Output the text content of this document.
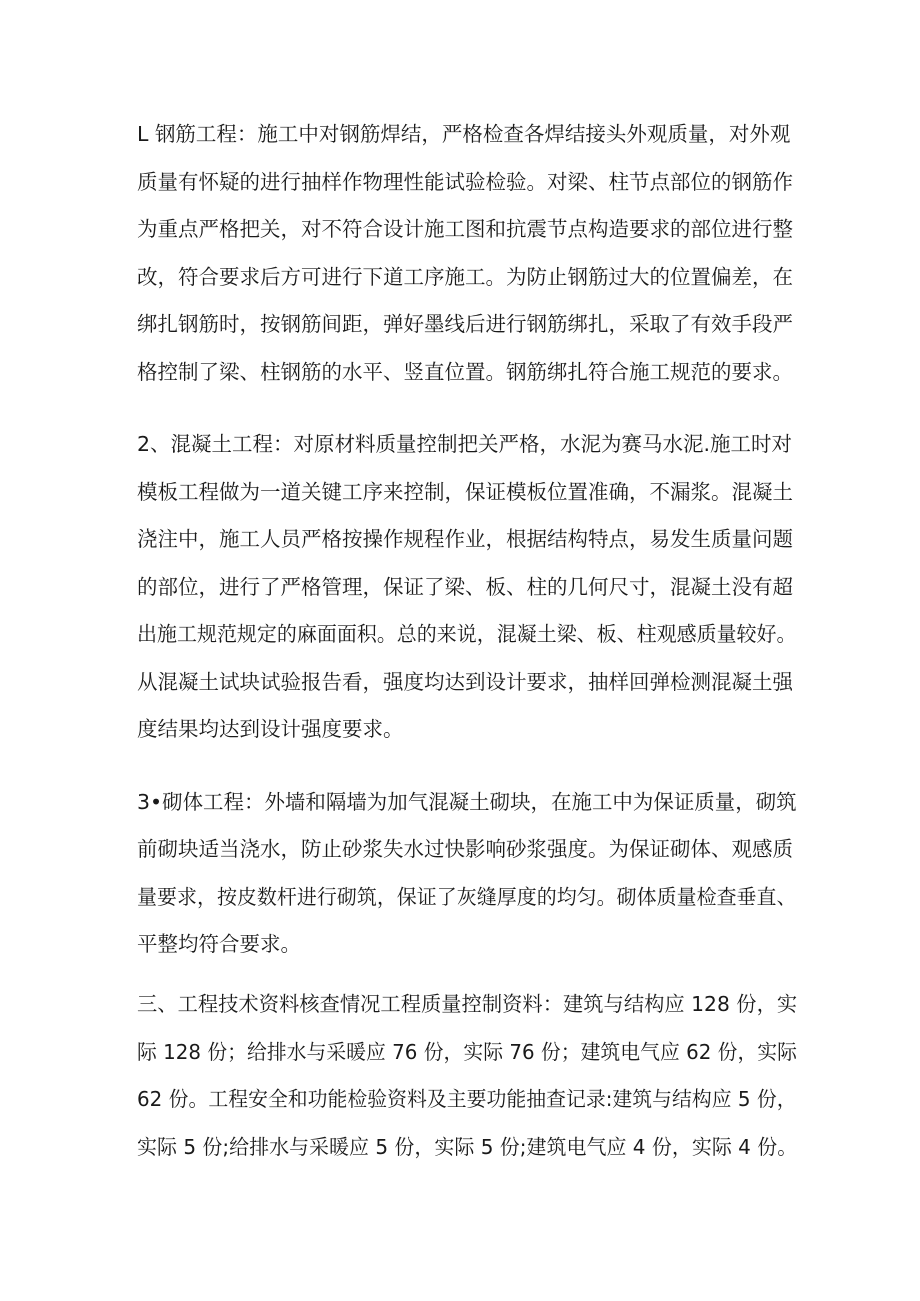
L 钢筋工程：施工中对钢筋焊结，严格检查各焊结接头外观质量，对外观
质量有怀疑的进行抽样作物理性能试验检验。对梁、柱节点部位的钢筋作
为重点严格把关，对不符合设计施工图和抗震节点构造要求的部位进行整
改，符合要求后方可进行下道工序施工。为防止钢筋过大的位置偏差，在
绑扎钢筋时，按钢筋间距，弹好墨线后进行钢筋绑扎，采取了有效手段严
格控制了梁、柱钢筋的水平、竖直位置。钢筋绑扎符合施工规范的要求。
2、混凝土工程：对原材料质量控制把关严格，水泥为赛马水泥.施工时对
模板工程做为一道关键工序来控制，保证模板位置准确，不漏浆。混凝土
浇注中，施工人员严格按操作规程作业，根据结构特点，易发生质量问题
的部位，进行了严格管理，保证了梁、板、柱的几何尺寸，混凝土没有超
出施工规范规定的麻面面积。总的来说，混凝土梁、板、柱观感质量较好。
从混凝土试块试验报告看，强度均达到设计要求，抽样回弹检测混凝土强
度结果均达到设计强度要求。
3•砌体工程：外墙和隔墙为加气混凝土砌块，在施工中为保证质量，砌筑
前砌块适当浇水，防止砂浆失水过快影响砂浆强度。为保证砌体、观感质
量要求，按皮数杆进行砌筑，保证了灰缝厚度的均匀。砌体质量检查垂直、
平整均符合要求。
三、工程技术资料核查情况工程质量控制资料：建筑与结构应 128 份，实
际 128 份；给排水与采暖应 76 份，实际 76 份；建筑电气应 62 份，实际
62 份。工程安全和功能检验资料及主要功能抽查记录:建筑与结构应 5 份，
实际 5 份;给排水与采暖应 5 份，实际 5 份;建筑电气应 4 份，实际 4 份。
